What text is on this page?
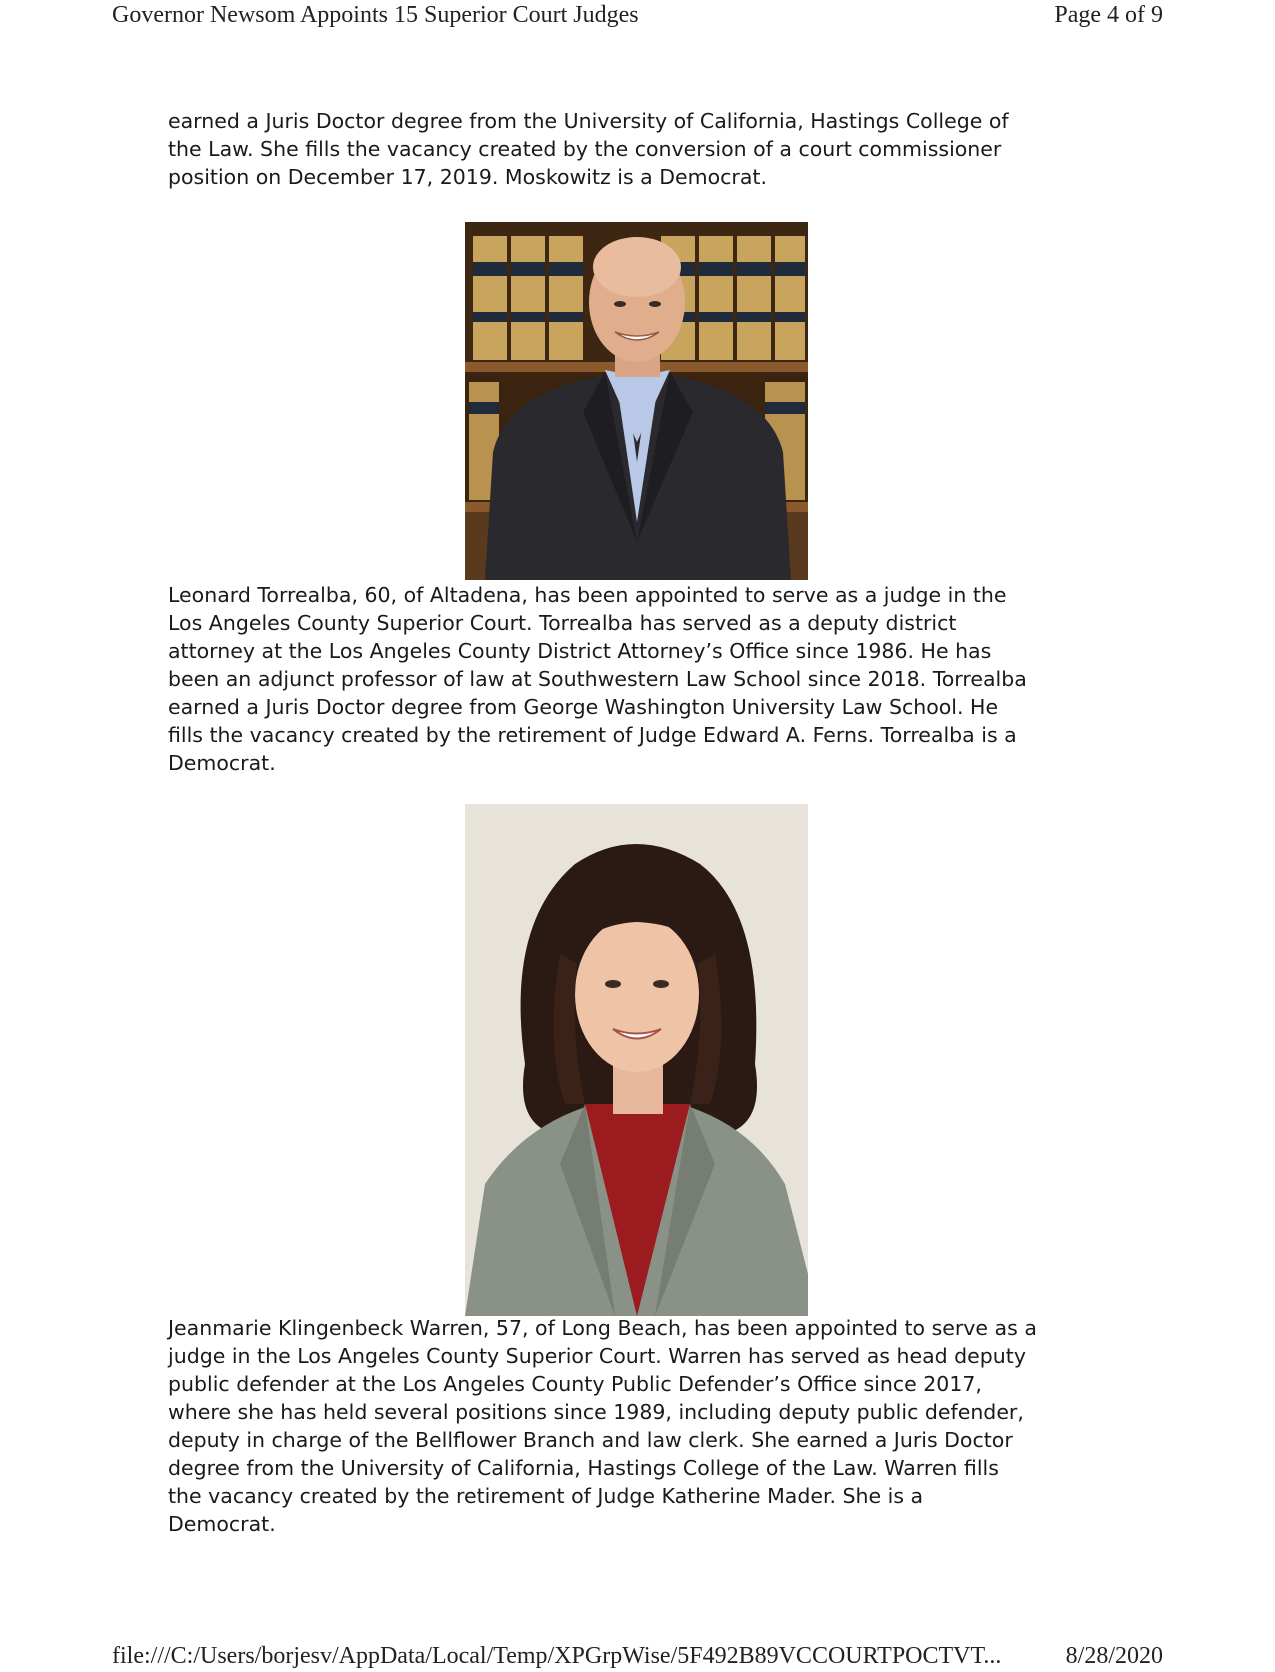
Governor Newsom Appoints 15 Superior Court Judges	Page 4 of 9

earned a Juris Doctor degree from the University of California, Hastings College of
the Law. She fills the vacancy created by the conversion of a court commissioner
position on December 17, 2019. Moskowitz is a Democrat.

Leonard Torrealba, 60, of Altadena, has been appointed to serve as a judge in the
Los Angeles County Superior Court. Torrealba has served as a deputy district
attorney at the Los Angeles County District Attorney’s Office since 1986. He has
been an adjunct professor of law at Southwestern Law School since 2018. Torrealba
earned a Juris Doctor degree from George Washington University Law School. He
fills the vacancy created by the retirement of Judge Edward A. Ferns. Torrealba is a
Democrat.

Jeanmarie Klingenbeck Warren, 57, of Long Beach, has been appointed to serve as a
judge in the Los Angeles County Superior Court. Warren has served as head deputy
public defender at the Los Angeles County Public Defender’s Office since 2017,
where she has held several positions since 1989, including deputy public defender,
deputy in charge of the Bellflower Branch and law clerk. She earned a Juris Doctor
degree from the University of California, Hastings College of the Law. Warren fills
the vacancy created by the retirement of Judge Katherine Mader. She is a
Democrat.

file:///C:/Users/borjesv/AppData/Local/Temp/XPGrpWise/5F492B89VCCOURTPOCTVT...	8/28/2020
